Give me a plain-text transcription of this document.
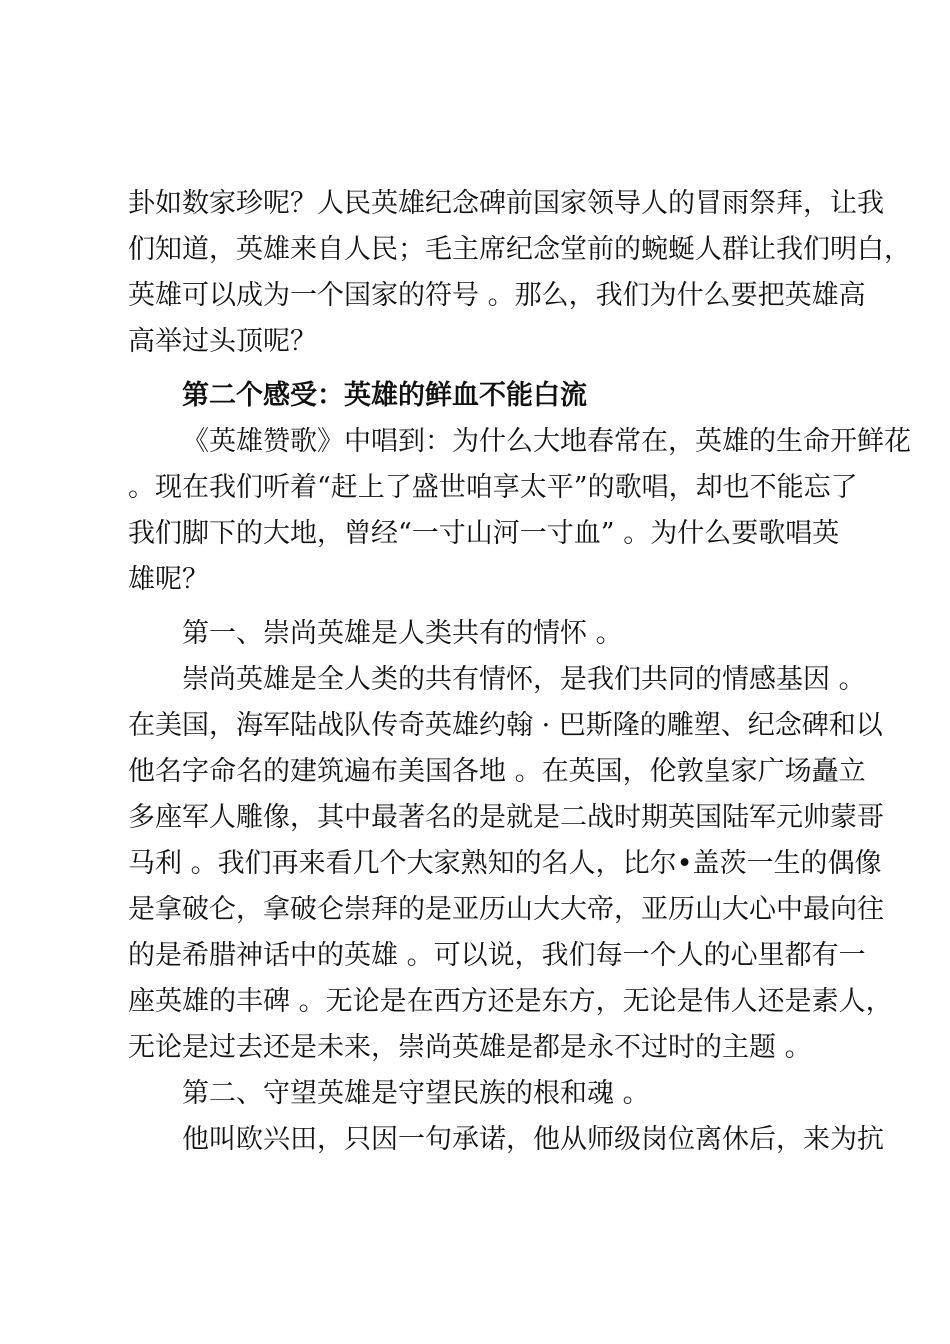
卦如数家珍呢？人民英雄纪念碑前国家领导人的冒雨祭拜，让我
们知道，英雄来自人民；毛主席纪念堂前的蜿蜒人群让我们明白，
英雄可以成为一个国家的符号 。那么，我们为什么要把英雄高
高举过头顶呢？
第二个感受：英雄的鲜血不能白流
《英雄赞歌》中唱到：为什么大地春常在，英雄的生命开鲜花
。现在我们听着“赶上了盛世咱享太平”的歌唱，却也不能忘了
我们脚下的大地，曾经“一寸山河一寸血” 。为什么要歌唱英
雄呢？
第一、崇尚英雄是人类共有的情怀 。
崇尚英雄是全人类的共有情怀，是我们共同的情感基因 。
在美国，海军陆战队传奇英雄约翰 · 巴斯隆的雕塑、纪念碑和以
他名字命名的建筑遍布美国各地 。在英国，伦敦皇家广场矗立
多座军人雕像，其中最著名的是就是二战时期英国陆军元帅蒙哥
马利 。我们再来看几个大家熟知的名人，比尔•盖茨一生的偶像
是拿破仑，拿破仑崇拜的是亚历山大大帝，亚历山大心中最向往
的是希腊神话中的英雄 。可以说，我们每一个人的心里都有一
座英雄的丰碑 。无论是在西方还是东方，无论是伟人还是素人，
无论是过去还是未来，崇尚英雄是都是永不过时的主题 。
第二、守望英雄是守望民族的根和魂 。
他叫欧兴田，只因一句承诺，他从师级岗位离休后，来为抗
